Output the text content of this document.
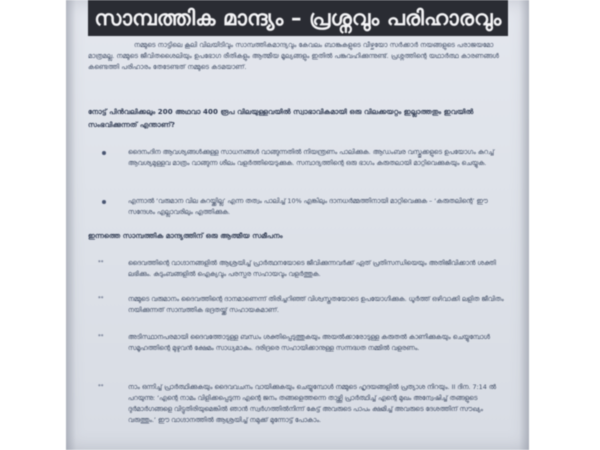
സാമ്പത്തിക മാന്ദ്യം – പ്രശ്നവും പരിഹാരവും
നമ്മുടെ നാട്ടിലെ കൂലി വിലയിടിവും സാമ്പത്തികമാന്ദ്യവും കേവലം ബാങ്കുകളുടെ വീഴ്ചയോ സർക്കാർ നയങ്ങളുടെ പരാജയമോ മാത്രമല്ല. നമ്മുടെ ജീവിതശൈലിയും ഉപഭോഗ രീതികളും ആത്മീയ മൂല്യങ്ങളും ഇതിൽ പങ്കുവഹിക്കുന്നുണ്ട്. പ്രശ്നത്തിന്റെ യഥാർത്ഥ കാരണങ്ങൾ കണ്ടെത്തി പരിഹാരം തേടേണ്ടത് നമ്മുടെ കടമയാണ്.
നോട്ട് പിൻവലിക്കലും 200 അഥവാ 400 രൂപ വിലയുള്ളവയിൽ സ്വാഭാവികമായി ഒരു വിലക്കയറ്റം ഇല്ലാത്തതും ഇവയിൽ സംഭവിക്കുന്നത് എന്താണ്?
ദൈനംദിന ആവശ്യങ്ങൾക്കുള്ള സാധനങ്ങൾ വാങ്ങുന്നതിൽ നിയന്ത്രണം പാലിക്കുക. ആഡംബര വസ്തുക്കളുടെ ഉപയോഗം കുറച്ച് ആവശ്യമുള്ളവ മാത്രം വാങ്ങുന്ന ശീലം വളർത്തിയെടുക്കുക. സമ്പാദ്യത്തിന്റെ ഒരു ഭാഗം കരുതലായി മാറ്റിവെക്കുകയും ചെയ്യുക.
എന്നാൽ ‘വരുമാന വില കുറയ്ക്കില്ല’ എന്ന തത്വം പാലിച്ച് 10% എങ്കിലും ദാനധർമ്മത്തിനായി മാറ്റിവെക്കുക – ‘കരുതലിന്റെ’ ഈ സന്ദേശം എല്ലാവരിലും എത്തിക്കുക.
ഇന്നത്തെ സാമ്പത്തിക മാന്ദ്യത്തിന് ഒരു ആത്മീയ സമീപനം
**	ദൈവത്തിന്റെ വാഗ്ദാനങ്ങളിൽ ആശ്രയിച്ച് പ്രാർത്ഥനയോടെ ജീവിക്കുന്നവർക്ക് ഏത് പ്രതിസന്ധിയെയും അതിജീവിക്കാൻ ശക്തി ലഭിക്കും. കുടുംബങ്ങളിൽ ഐക്യവും പരസ്പര സഹായവും വളർത്തുക.
**	നമ്മുടെ വരുമാനം ദൈവത്തിന്റെ ദാനമാണെന്ന് തിരിച്ചറിഞ്ഞ് വിശ്വസ്തതയോടെ ഉപയോഗിക്കുക. ധൂർത്ത് ഒഴിവാക്കി ലളിത ജീവിതം നയിക്കുന്നത് സാമ്പത്തിക ഭദ്രതയ്ക്ക് സഹായകമാണ്.
**	അടിസ്ഥാനപരമായി ദൈവത്തോടുള്ള ബന്ധം ശക്തിപ്പെടുത്തുകയും അയൽക്കാരോടുള്ള കരുതൽ കാണിക്കുകയും ചെയ്യുമ്പോൾ സമൂഹത്തിന്റെ മുഴുവൻ ക്ഷേമം സാധ്യമാകും. ദരിദ്രരെ സഹായിക്കാനുള്ള സന്നദ്ധത നമ്മിൽ വളരണം.
**	നാം ഒന്നിച്ച് പ്രാർത്ഥിക്കുകയും ദൈവവചനം വായിക്കുകയും ചെയ്യുമ്പോൾ നമ്മുടെ ഹൃദയങ്ങളിൽ പ്രത്യാശ നിറയും. II ദിന. 7:14 ൽ പറയുന്നു: ‘എന്റെ നാമം വിളിക്കപ്പെടുന്ന എന്റെ ജനം തങ്ങളെത്തന്നെ താഴ്ത്തി പ്രാർത്ഥിച്ച് എന്റെ മുഖം അന്വേഷിച്ച് തങ്ങളുടെ ദുർമാർഗങ്ങളെ വിട്ടുതിരിയുമെങ്കിൽ ഞാൻ സ്വർഗത്തിൽനിന്ന് കേട്ട് അവരുടെ പാപം ക്ഷമിച്ച് അവരുടെ ദേശത്തിന് സൗഖ്യം വരുത്തും.’ ഈ വാഗ്ദാനത്തിൽ ആശ്രയിച്ച് നമുക്ക് മുന്നോട്ട് പോകാം.
